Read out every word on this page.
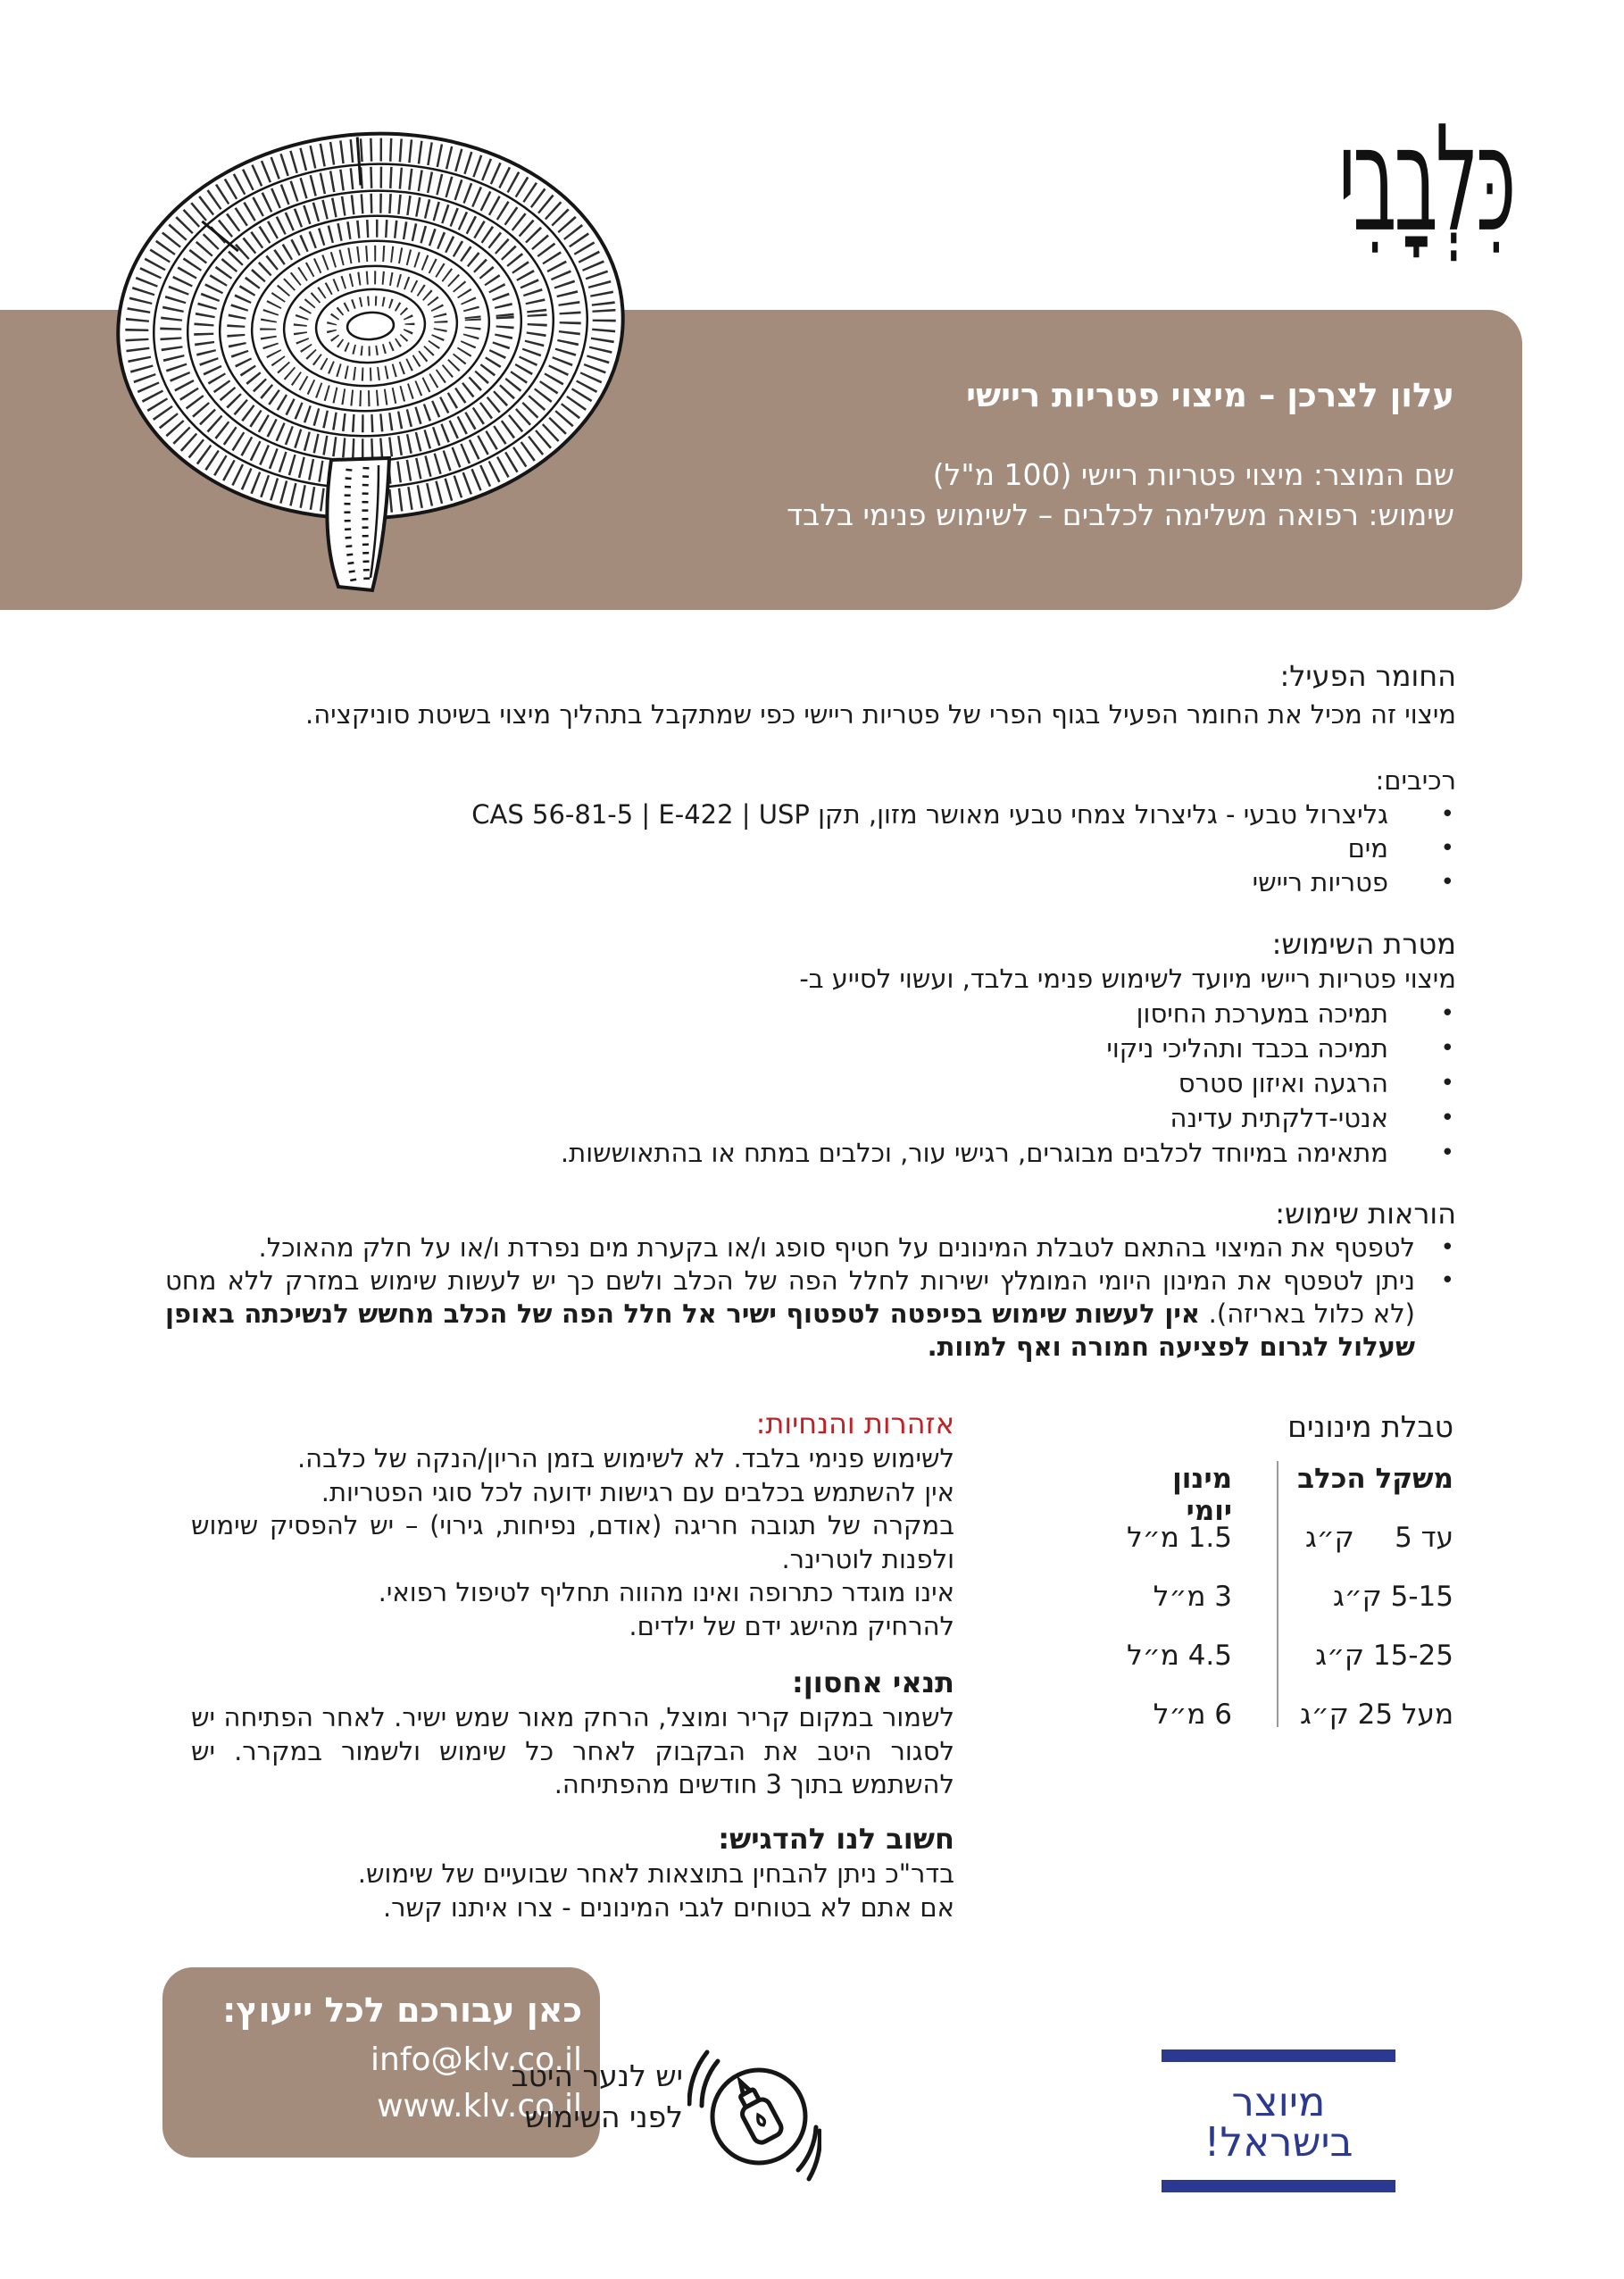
כִּלְבָבִי

עלון לצרכן – מיצוי פטריות ריישי

שם המוצר: מיצוי פטריות ריישי (100 מ"ל)

שימוש: רפואה משלימה לכלבים – לשימוש פנימי בלבד

החומר הפעיל:
מיצוי זה מכיל את החומר הפעיל בגוף הפרי של פטריות ריישי כפי שמתקבל בתהליך מיצוי בשיטת סוניקציה.
רכיבים:
• גליצרול טבעי - גליצרול צמחי טבעי מאושר מזון, תקן CAS 56-81-5 | E-422 | USP
• מים
• פטריות ריישי
מטרת השימוש:
מיצוי פטריות ריישי מיועד לשימוש פנימי בלבד, ועשוי לסייע ב-
• תמיכה במערכת החיסון
• תמיכה בכבד ותהליכי ניקוי
• הרגעה ואיזון סטרס
• אנטי-דלקתית עדינה
• מתאימה במיוחד לכלבים מבוגרים, רגישי עור, וכלבים במתח או בהתאוששות.
הוראות שימוש:
• לטפטף את המיצוי בהתאם לטבלת המינונים על חטיף סופג ו/או בקערת מים נפרדת ו/או על חלק מהאוכל.
• ניתן לטפטף את המינון היומי המומלץ ישירות לחלל הפה של הכלב ולשם כך יש לעשות שימוש במזרק ללא מחט (לא כלול באריזה). אין לעשות שימוש בפיפטה לטפטוף ישיר אל חלל הפה של הכלב מחשש לנשיכתה באופן שעלול לגרום לפציעה חמורה ואף למוות.
אזהרות והנחיות:

לשימוש פנימי בלבד. לא לשימוש בזמן הריון/הנקה של כלבה.

אין להשתמש בכלבים עם רגישות ידועה לכל סוגי הפטריות.

במקרה של תגובה חריגה (אודם, נפיחות, גירוי) – יש להפסיק שימוש ולפנות לוטרינר.

אינו מוגדר כתרופה ואינו מהווה תחליף לטיפול רפואי.

להרחיק מהישג ידם של ילדים.

תנאי אחסון:

לשמור במקום קריר ומוצל, הרחק מאור שמש ישיר. לאחר הפתיחה יש לסגור היטב את הבקבוק לאחר כל שימוש ולשמור במקרר. יש להשתמש בתוך 3 חודשים מהפתיחה.

חשוב לנו להדגיש:

בדר"כ ניתן להבחין בתוצאות לאחר שבועיים של שימוש.

אם אתם לא בטוחים לגבי המינונים - צרו איתנו קשר.

טבלת מינונים
משקל הכלב
מינון יומי
עד 5
ק״ג
1.5 מ״ל
5-15 ק״ג
3 מ״ל
15-25 ק״ג
4.5 מ״ל
מעל 25 ק״ג
6 מ״ל

כאן עבורכם לכל ייעוץ:

info@klv.co.il

www.klv.co.il	מיוצר בישראל!
יש לנער היטב
לפני השימוש
